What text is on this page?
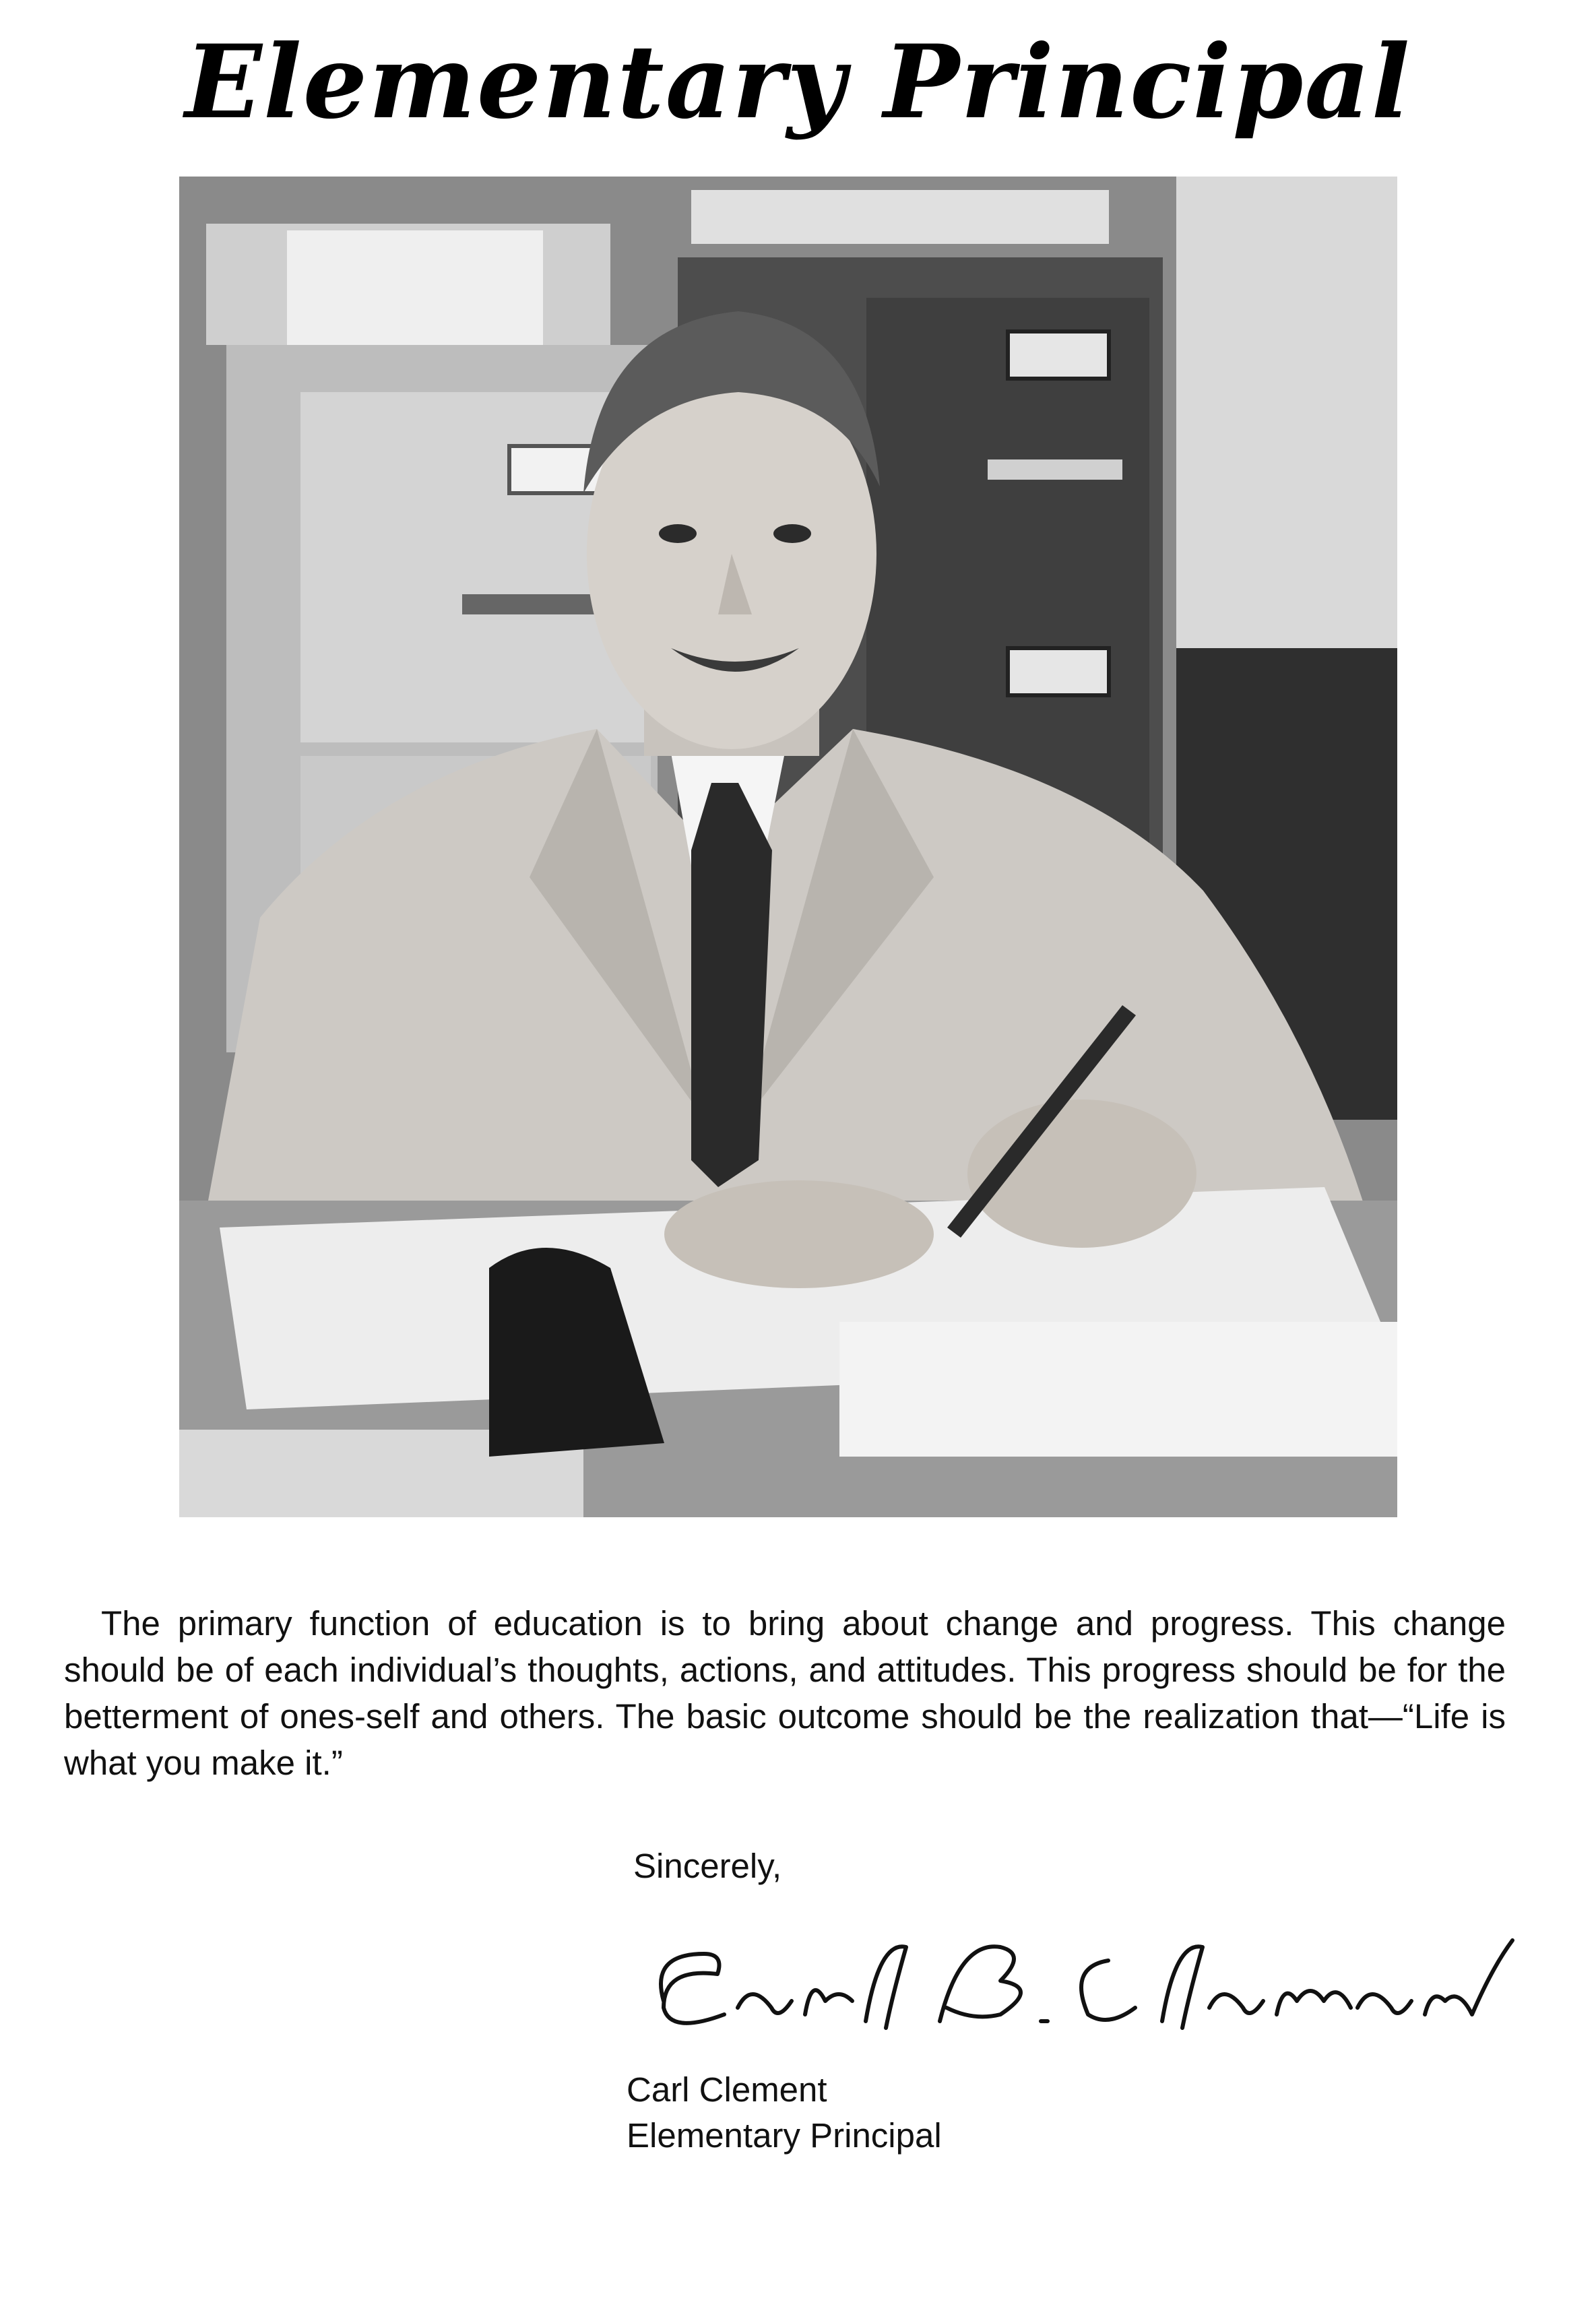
Elementary Principal

The primary function of education is to bring about change and progress. This change should be of each individual’s thoughts, actions, and attitudes. This progress should be for the betterment of ones-self and others. The basic outcome should be the realization that—“Life is what you make it.”

Sincerely,
Carl Clement
Elementary Principal
